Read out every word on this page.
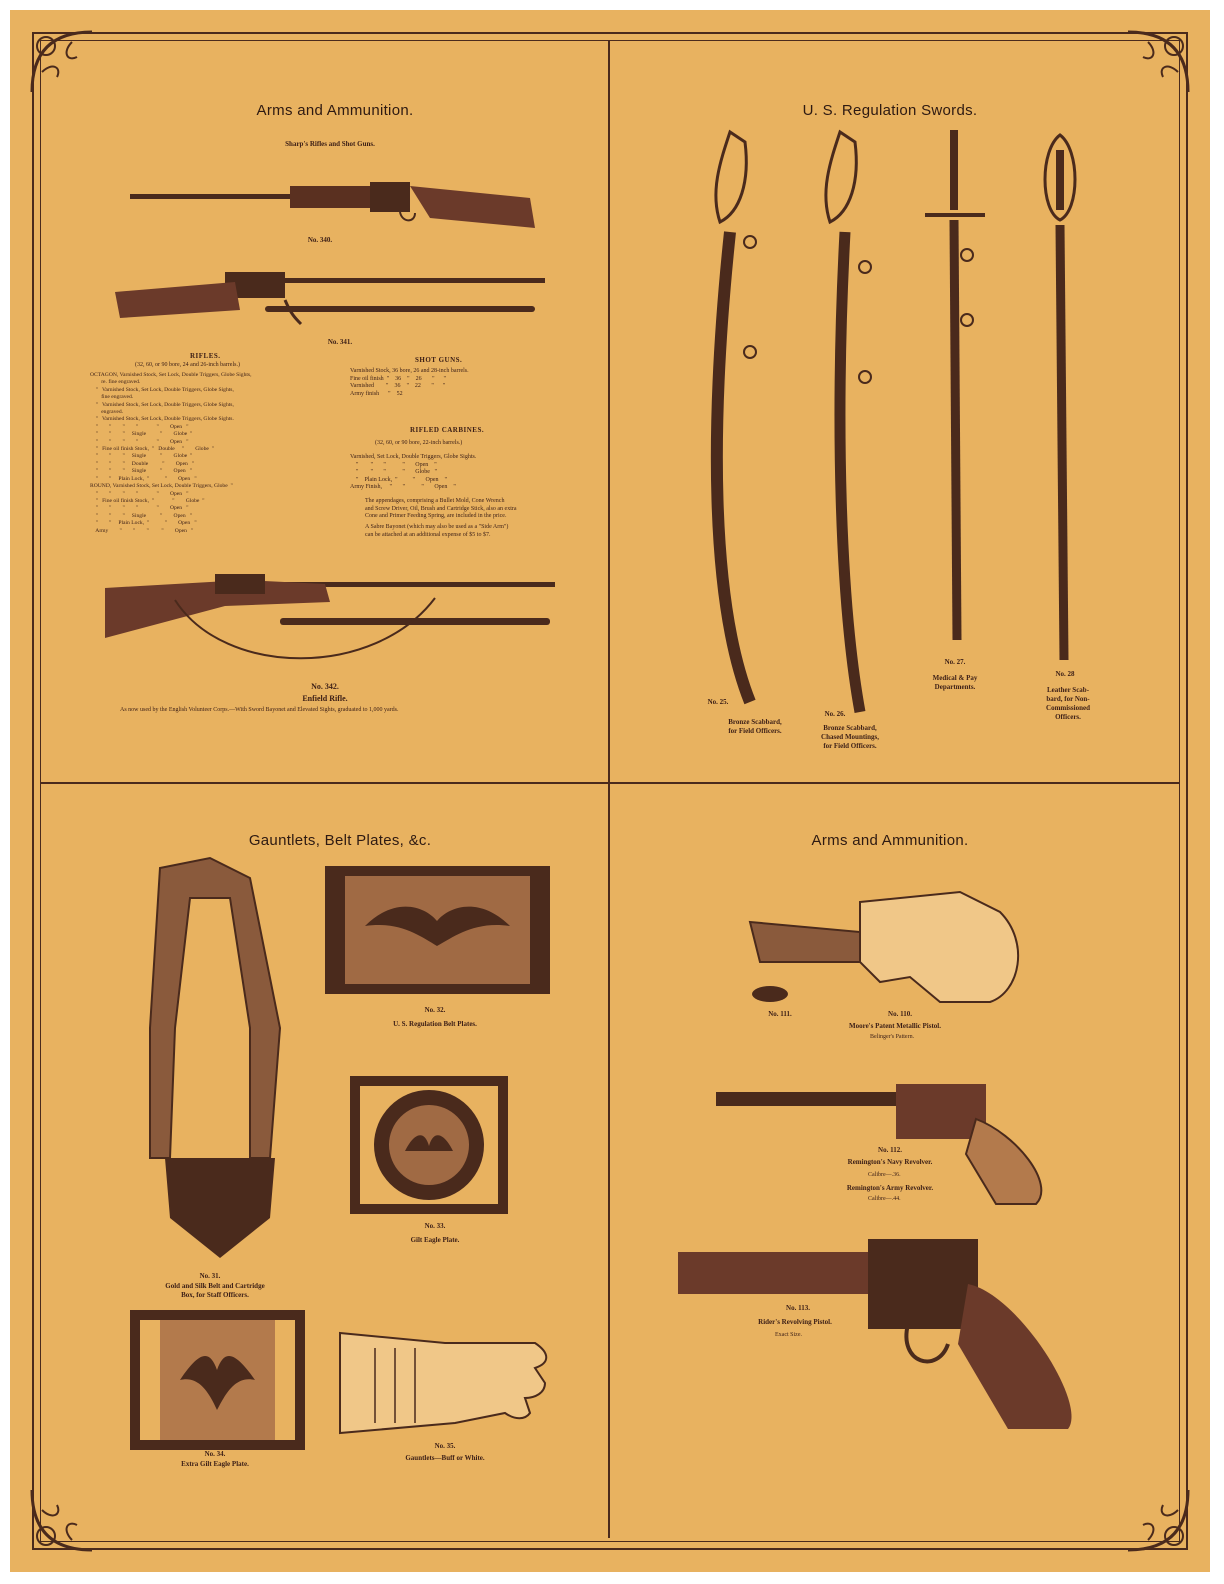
Arms and Ammunition.
Sharp's Rifles and Shot Guns.
No. 340.
No. 341.
RIFLES.
(32, 60, or 90 bore, 24 and 26-inch barrels.)
OCTAGON, Varnished Stock, Set Lock, Double Triggers, Globe Sights,
re. fine engraved.
"   Varnished Stock, Set Lock, Double Triggers, Globe Sights,
fine engraved.
"   Varnished Stock, Set Lock, Double Triggers, Globe Sights,
engraved.
"   Varnished Stock, Set Lock, Double Triggers, Globe Sights.
"        "        "        "             "        Open   "
"        "        "     Single          "        Globe  "
"        "        "        "             "        Open   "
"   Fine oil finish Stock,  "   Double     "        Globe  "
"        "        "     Single          "        Globe  "
"        "        "     Double          "        Open   "
"        "        "     Single          "        Open   "
"        "     Plain Lock,  "           "        Open   "
ROUND, Varnished Stock, Set Lock, Double Triggers, Globe  "
"        "        "        "             "        Open   "
"   Fine oil finish Stock,  "             "        Globe  "
"        "        "        "             "        Open   "
"        "        "     Single          "        Open   "
"        "     Plain Lock,  "           "        Open   "
Army        "        "        "         "        Open   "
SHOT GUNS.
Varnished Stock, 36 bore, 26 and 28-inch barrels.
Fine oil finish  "    36    "    26       "      "
Varnished        "    36    "    22       "      "
Army finish      "    52
RIFLED CARBINES.
(32, 60, or 90 bore, 22-inch barrels.)
Varnished, Set Lock, Double Triggers, Globe Sights.
"        "       "           "       Open    "
"        "       "           "       Globe   "
"    Plain Lock,  "          "       Open    "
Army Finish,     "       "           "       Open    "
The appendages, comprising a Bullet Mold, Cone Wrench
and Screw Driver, Oil, Brush and Cartridge Stick, also an extra
Cone and Primer Feeding Spring, are included in the price.
A Sabre Bayonet (which may also be used as a "Side Arm")
can be attached at an additional expense of $5 to $7.
No. 342.
Enfield Rifle.
As now used by the English Volunteer Corps.—With Sword Bayonet and Elevated Sights, graduated to 1,000 yards.
U. S. Regulation Swords.
No. 25.
Bronze Scabbard,
for Field Officers.
No. 26.
Bronze Scabbard,
Chased Mountings,
for Field Officers.
No. 27.
Medical & Pay
Departments.
No. 28
Leather Scab-
bard, for Non-
Commissioned
Officers.
Gauntlets, Belt Plates, &c.
No. 31.
Gold and Silk Belt and Cartridge
Box, for Staff Officers.
No. 32.
U. S. Regulation Belt Plates.
No. 33.
Gilt Eagle Plate.
No. 34.
Extra Gilt Eagle Plate.
No. 35.
Gauntlets—Buff or White.
Arms and Ammunition.
No. 111.	No. 110.
Moore's Patent Metallic Pistol.
Belinger's Pattern.
No. 112.
Remington's Navy Revolver.
Calibre—.36.
Remington's Army Revolver.
Calibre—.44.
No. 113.
Rider's Revolving Pistol.
Exact Size.
